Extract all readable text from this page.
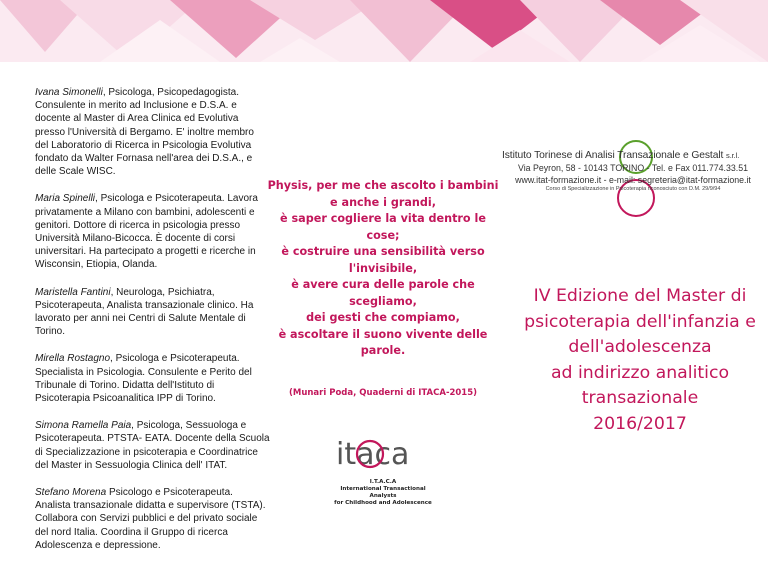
Ivana Simonelli, Psicologa, Psicopedagogista. Consulente in merito ad Inclusione e D.S.A. e docente al Master di Area Clinica ed Evolutiva presso l'Università di Bergamo. E' inoltre membro del Laboratorio di Ricerca in Psicologia Evolutiva fondato da Walter Fornasa nell'area dei D.S.A., e delle Scale WISC.

Maria Spinelli, Psicologa e Psicoterapeuta. Lavora privatamente a Milano con bambini, adolescenti e genitori. Dottore di ricerca in psicologia presso Università Milano-Bicocca. È docente di corsi universitari. Ha partecipato a progetti e ricerche in Wisconsin, Etiopia, Olanda.

Maristella Fantini, Neurologa, Psichiatra, Psicoterapeuta, Analista transazionale clinico. Ha lavorato per anni nei Centri di Salute Mentale di Torino.

Mirella Rostagno, Psicologa e Psicoterapeuta. Specialista in Psicologia. Consulente e Perito del Tribunale di Torino. Didatta dell'Istituto di Psicoterapia Psicoanalitica IPP di Torino.

Simona Ramella Paia, Psicologa, Sessuologa e Psicoterapeuta. PTSTA- EATA. Docente della Scuola di Specializzazione in psicoterapia e Coordinatrice del Master in Sessuologia Clinica dell' ITAT.

Stefano Morena Psicologo e Psicoterapeuta. Analista transazionale didatta e supervisore (TSTA). Collabora con Servizi pubblici e del privato sociale del nord Italia. Coordina il Gruppo di ricerca Adolescenza e depressione.

Physis, per me che ascolto i bambini
e anche i grandi,
è saper cogliere la vita dentro le cose;
è costruire una sensibilità verso l'invisibile,
è avere cura delle parole che scegliamo,
dei gesti che compiamo,
è ascoltare il suono vivente delle parole.
(Munari Poda, Quaderni di ITACA-2015)
itaca
I.T.A.C.A
International Transactional Analysts
for Childhood and Adolescence
Istituto Torinese di Analisi Transazionale e Gestalt s.r.l.
Via Peyron, 58 - 10143 TORINO - Tel. e Fax 011.774.33.51
www.itat-formazione.it - e-mail: segreteria@itat-formazione.it
Corso di Specializzazione in Psicoterapia riconosciuto con D.M. 29/9/94
IV Edizione del Master di
psicoterapia dell'infanzia e
dell'adolescenza
ad indirizzo analitico
transazionale
2016/2017
